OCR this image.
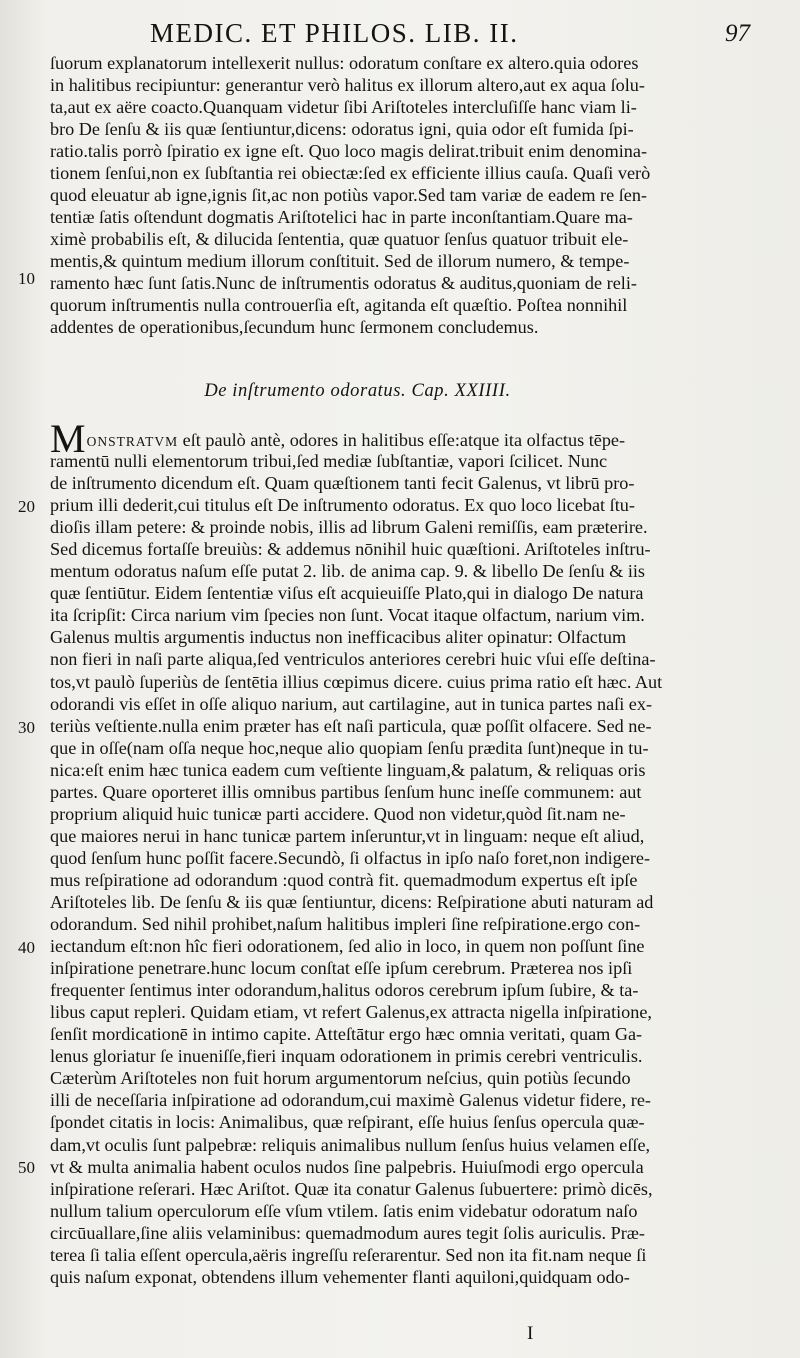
MEDIC. ET PHILOS. LIB. II.	97
ſuorum explanatorum intellexerit nullus: odoratum conſtare ex altero.quia odores
in halitibus recipiuntur: generantur verò halitus ex illorum altero,aut ex aqua ſolu-
ta,aut ex aëre coacto.Quanquam videtur ſibi Ariſtoteles intercluſiſſe hanc viam li-
bro De ſenſu & iis quæ ſentiuntur,dicens: odoratus igni, quia odor eſt fumida ſpi-
ratio.talis porrò ſpiratio ex igne eſt. Quo loco magis delirat.tribuit enim denomina-
tionem ſenſui,non ex ſubſtantia rei obiectæ:ſed ex efficiente illius cauſa. Quaſi verò
quod eleuatur ab igne,ignis ſit,ac non potiùs vapor.Sed tam variæ de eadem re ſen-
tentiæ ſatis oſtendunt dogmatis Ariſtotelici hac in parte inconſtantiam.Quare ma-
ximè probabilis eſt, & dilucida ſententia, quæ quatuor ſenſus quatuor tribuit ele-
mentis,& quintum medium illorum conſtituit. Sed de illorum numero, & tempe-
ramento hæc ſunt ſatis.Nunc de inſtrumentis odoratus & auditus,quoniam de reli-
quorum inſtrumentis nulla controuerſia eſt, agitanda eſt quæſtio. Poſtea nonnihil
addentes de operationibus,ſecundum hunc ſermonem concludemus.
De inſtrumento odoratus. Cap. XXIIII.
MONSTRATVM eſt paulò antè, odores in halitibus eſſe:atque ita olfactus tēpe-
ramentū nulli elementorum tribui,ſed mediæ ſubſtantiæ, vapori ſcilicet. Nunc
de inſtrumento dicendum eſt. Quam quæſtionem tanti fecit Galenus, vt librū pro-
prium illi dederit,cui titulus eſt De inſtrumento odoratus. Ex quo loco licebat ſtu-
dioſis illam petere: & proinde nobis, illis ad librum Galeni remiſſis, eam præterire.
Sed dicemus fortaſſe breuiùs: & addemus nōnihil huic quæſtioni. Ariſtoteles inſtru-
mentum odoratus naſum eſſe putat 2. lib. de anima cap. 9. & libello De ſenſu & iis
quæ ſentiūtur. Eidem ſententiæ viſus eſt acquieuiſſe Plato,qui in dialogo De natura
ita ſcripſit: Circa narium vim ſpecies non ſunt. Vocat itaque olfactum, narium vim.
Galenus multis argumentis inductus non inefficacibus aliter opinatur: Olfactum
non fieri in naſi parte aliqua,ſed ventriculos anteriores cerebri huic vſui eſſe deſtina-
tos,vt paulò ſuperiùs de ſentētia illius cœpimus dicere. cuius prima ratio eſt hæc. Aut
odorandi vis eſſet in oſſe aliquo narium, aut cartilagine, aut in tunica partes naſi ex-
teriùs veſtiente.nulla enim præter has eſt naſi particula, quæ poſſit olfacere. Sed ne-
que in oſſe(nam oſſa neque hoc,neque alio quopiam ſenſu prædita ſunt)neque in tu-
nica:eſt enim hæc tunica eadem cum veſtiente linguam,& palatum, & reliquas oris
partes. Quare oporteret illis omnibus partibus ſenſum hunc ineſſe communem: aut
proprium aliquid huic tunicæ parti accidere. Quod non videtur,quòd ſit.nam ne-
que maiores nerui in hanc tunicæ partem inſeruntur,vt in linguam: neque eſt aliud,
quod ſenſum hunc poſſit facere.Secundò, ſi olfactus in ipſo naſo foret,non indigere-
mus reſpiratione ad odorandum :quod contrà fit. quemadmodum expertus eſt ipſe
Ariſtoteles lib. De ſenſu & iis quæ ſentiuntur, dicens: Reſpiratione abuti naturam ad
odorandum. Sed nihil prohibet,naſum halitibus impleri ſine reſpiratione.ergo con-
iectandum eſt:non hîc fieri odorationem, ſed alio in loco, in quem non poſſunt ſine
inſpiratione penetrare.hunc locum conſtat eſſe ipſum cerebrum. Præterea nos ipſi
frequenter ſentimus inter odorandum,halitus odoros cerebrum ipſum ſubire, & ta-
libus caput repleri. Quidam etiam, vt refert Galenus,ex attracta nigella inſpiratione,
ſenſit mordicationē in intimo capite. Atteſtātur ergo hæc omnia veritati, quam Ga-
lenus gloriatur ſe inueniſſe,fieri inquam odorationem in primis cerebri ventriculis.
Cæterùm Ariſtoteles non fuit horum argumentorum neſcius, quin potiùs ſecundo
illi de neceſſaria inſpiratione ad odorandum,cui maximè Galenus videtur fidere, re-
ſpondet citatis in locis: Animalibus, quæ reſpirant, eſſe huius ſenſus opercula quæ-
dam,vt oculis ſunt palpebræ: reliquis animalibus nullum ſenſus huius velamen eſſe,
vt & multa animalia habent oculos nudos ſine palpebris. Huiuſmodi ergo opercula
inſpiratione reſerari. Hæc Ariſtot. Quæ ita conatur Galenus ſubuertere: primò dicēs,
nullum talium operculorum eſſe vſum vtilem. ſatis enim videbatur odoratum naſo
circūuallare,ſine aliis velaminibus: quemadmodum aures tegit ſolis auriculis. Præ-
terea ſi talia eſſent opercula,aëris ingreſſu reſerarentur. Sed non ita fit.nam neque ſi
quis naſum exponat, obtendens illum vehementer flanti aquiloni,quidquam odo-
10
20
30
40
50
I
